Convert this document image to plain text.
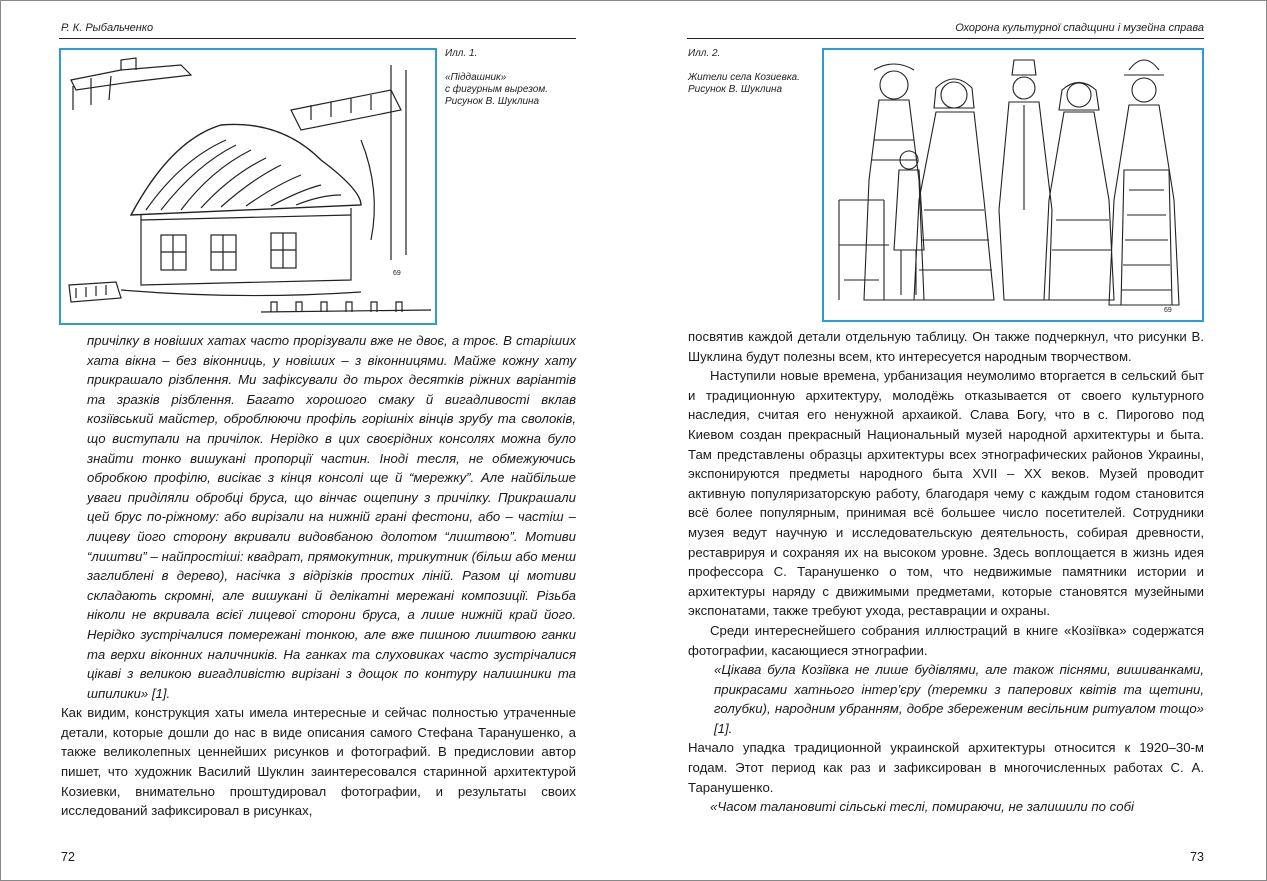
Р. К. Рыбальченко
69
Илл. 1.
«Піддашник»
с фигурным вырезом.
Рисунок В. Шуклина

причілку в новіших хатах часто прорізували вже не двоє, а троє. В старіших хата вікна – без віконниць, у новіших – з віконницями. Майже кожну хату прикрашало різблення. Ми зафіксували до тьрох десятків ріжних варіантів та зразків різблення. Багато хорошого смаку й вигадливості вклав козіївський майстер, оброблюючи профіль горішніх вінців зрубу та сволоків, що виступали на причілок. Нерідко в цих своєрідних консолях можна було знайти тонко вишукані пропорції частин. Іноді тесля, не обмежуючись обробкою профілю, висікає з кінця консолі ще й “мережку”. Але найбільше уваги приділяли обробці бруса, що вінчає ощепину з причілку. Прикрашали цей брус по-ріжному: або вирізали на нижній грані фестони, або – частіш – лицеву його сторону вкривали видовбаною долотом “лиштвою”. Мотиви “лиштви” – найпростіші: квадрат, прямокутник, трикутник (більш або менш заглиблені в дерево), насічка з відрізків простих ліній. Разом ці мотиви складають скромні, але вишукані й делікатні мережані композиції. Різьба ніколи не вкривала всієї лицевої сторони бруса, а лише нижній край його. Нерідко зустрічалися помережані тонкою, але вже пишною лиштвою ганки та верхи віконних наличників. На ганках та слуховиках часто зустрічалися цікаві з великою вигадливістю вирізані з дощок по контуру налишники та шпилики» [1].

Как видим, конструкция хаты имела интересные и сейчас полностью утраченные детали, которые дошли до нас в виде описания самого Стефана Таранушенко, а также великолепных ценнейших рисунков и фотографий. В предисловии автор пишет, что художник Василий Шуклин заинтересовался старинной архитектурой Козиевки, внимательно проштудировал фотографии, и результаты своих исследований зафиксировал в рисунках,

72
Охорона культурної спадщини і музейна справа
Илл. 2.
Жители села Козиевка.
Рисунок В. Шуклина
69

посвятив каждой детали отдельную таблицу. Он также подчеркнул, что рисунки В. Шуклина будут полезны всем, кто интересуется народным творчеством.

Наступили новые времена, урбанизация неумолимо вторгается в сельский быт и традиционную архитектуру, молодёжь отказывается от своего культурного наследия, считая его ненужной архаикой. Слава Богу, что в с. Пирогово под Киевом создан прекрасный Национальный музей народной архитектуры и быта. Там представлены образцы архитектуры всех этнографических районов Украины, экспонируются предметы народного быта XVII – XX веков. Музей проводит активную популяризаторскую работу, благодаря чему с каждым годом становится всё более популярным, принимая всё большее число посетителей. Сотрудники музея ведут научную и исследовательскую деятельность, собирая древности, реставрируя и сохраняя их на высоком уровне. Здесь воплощается в жизнь идея профессора С. Таранушенко о том, что недвижимые памятники истории и архитектуры наряду с движимыми предметами, которые становятся музейными экспонатами, также требуют ухода, реставрации и охраны.

Среди интереснейшего собрания иллюстраций в книге «Козіївка» содержатся фотографии, касающиеся этнографии.

«Цікава була Козіївка не лише будівлями, але також піснями, вишиванками, прикрасами хатнього інтер’єру (теремки з паперових квітів та щетини, голубки), народним убранням, добре збереженим весільним ритуалом тощо» [1].

Начало упадка традиционной украинской архитектуры относится к 1920–30-м годам. Этот период как раз и зафиксирован в многочисленных работах С. А. Таранушенко.

«Часом талановиті сільські теслі, помираючи, не залишили по собі

73
